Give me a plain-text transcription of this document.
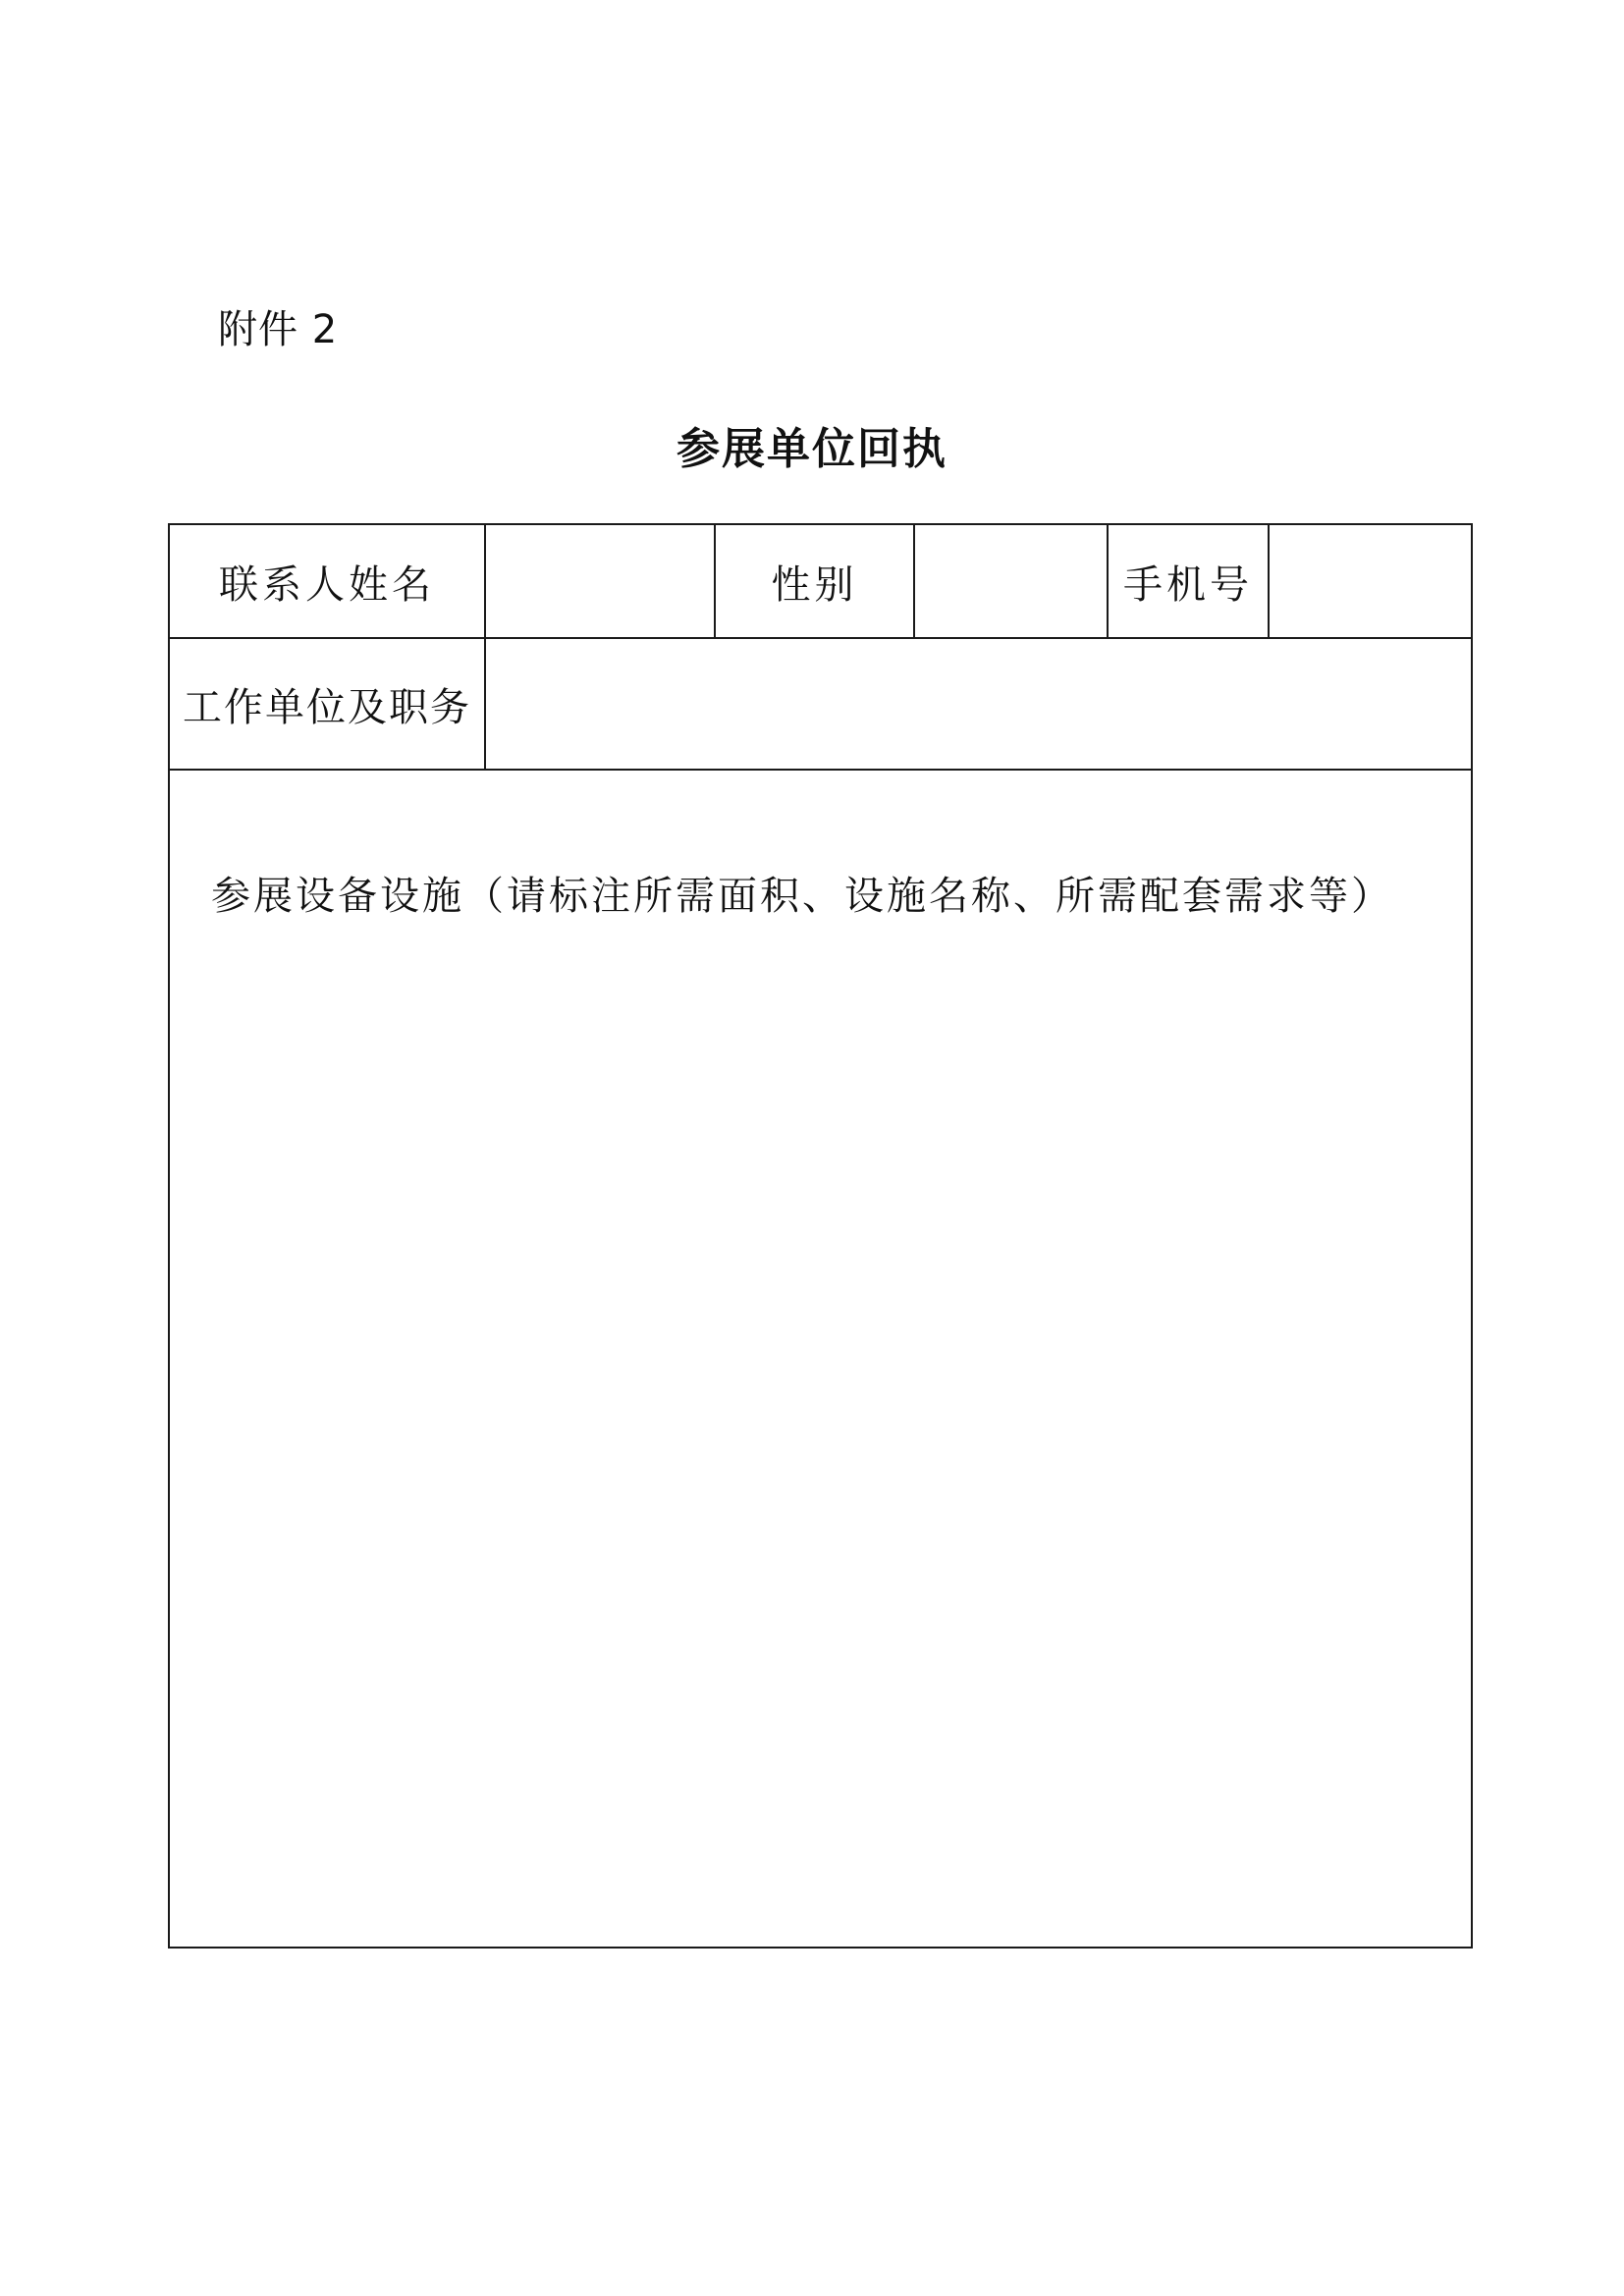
附件 2
参展单位回执
联系人姓名		性别		手机号	
工作单位及职务					

参展设备设施（请标注所需面积、设施名称、所需配套需求等）					
